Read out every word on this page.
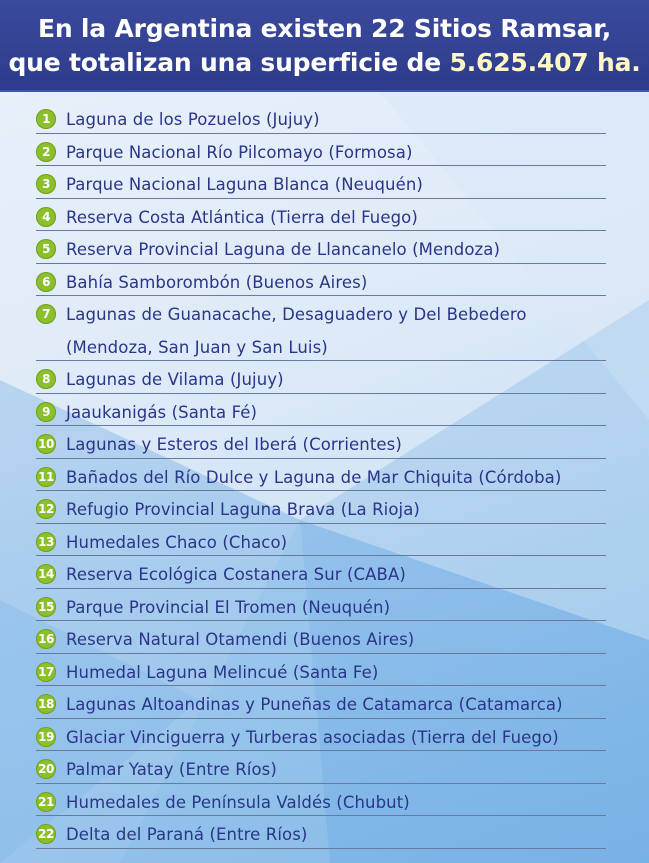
En la Argentina existen 22 Sitios Ramsar,
que totalizan una superficie de 5.625.407 ha.
1 Laguna de los Pozuelos (Jujuy)
2 Parque Nacional Río Pilcomayo (Formosa)
3 Parque Nacional Laguna Blanca (Neuquén)
4 Reserva Costa Atlántica (Tierra del Fuego)
5 Reserva Provincial Laguna de Llancanelo (Mendoza)
6 Bahía Samborombón (Buenos Aires)
7 Lagunas de Guanacache, Desaguadero y Del Bebedero (Mendoza, San Juan y San Luis)
8 Lagunas de Vilama (Jujuy)
9 Jaaukanigás (Santa Fé)
10 Lagunas y Esteros del Iberá (Corrientes)
11 Bañados del Río Dulce y Laguna de Mar Chiquita (Córdoba)
12 Refugio Provincial Laguna Brava (La Rioja)
13 Humedales Chaco (Chaco)
14 Reserva Ecológica Costanera Sur (CABA)
15 Parque Provincial El Tromen (Neuquén)
16 Reserva Natural Otamendi (Buenos Aires)
17 Humedal Laguna Melincué (Santa Fe)
18 Lagunas Altoandinas y Puneñas de Catamarca (Catamarca)
19 Glaciar Vinciguerra y Turberas asociadas (Tierra del Fuego)
20 Palmar Yatay (Entre Ríos)
21 Humedales de Península Valdés (Chubut)
22 Delta del Paraná (Entre Ríos)
